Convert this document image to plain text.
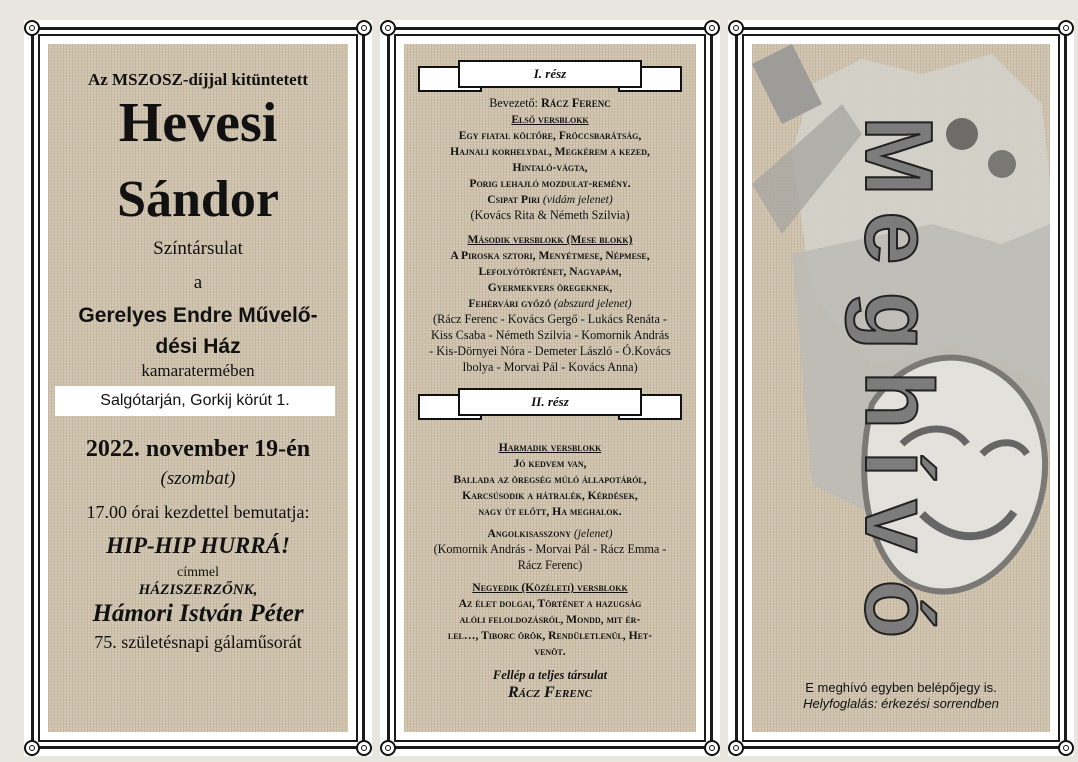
Az MSZOSZ-díjjal kitüntetett
Hevesi
Sándor
Színtársulat
a
Gerelyes Endre Művelő-
dési Ház
kamaratermében
Salgótarján, Gorkij körút 1.
2022. november 19-én
(szombat)
17.00 órai kezdettel bemutatja:
HIP-HIP HURRÁ!
címmel
HÁZISZERZŐNK,
Hámori István Péter
75. születésnapi gálaműsorát
I. rész
Bevezető: Rácz Ferenc
Első versblokk
Egy fiatal költőre, Fröccsbarátság,
Hajnali korhelydal, Megkérem a kezed,
Hintaló-vágta,
Porig lehajló mozdulat-remény.
Csipat Piri (vidám jelenet)
(Kovács Rita & Németh Szilvia)
Második versblokk (Mese blokk)
A Piroska sztori, Menyétmese, Népmese,
Lefolyótörténet, Nagyapám,
Gyermekvers öregeknek,
Fehérvári győző (abszurd jelenet)
(Rácz Ferenc - Kovács Gergő - Lukács Renáta -
Kiss Csaba - Németh Szilvia - Komornik András
- Kis-Dörnyei Nóra - Demeter László - Ó.Kovács
Ibolya - Morvai Pál - Kovács Anna)
II. rész
Harmadik versblokk
Jó kedvem van,
Ballada az öregség múló állapotáról,
Karcsúsodik a hátralék, Kérdések,
nagy út előtt, Ha meghalok.
Angolkisasszony (jelenet)
(Komornik András - Morvai Pál - Rácz Emma -
Rácz Ferenc)
Negyedik (Közéleti) versblokk
Az élet dolgai, Történet a hazugság
alóli feloldozásról, Mondd, mit ér-
lel…, Tiborc örök, Rendületlenül, Het-
venöt.
Fellép a teljes társulat
Rácz Ferenc
M
e
g
h
í
v
ó
E meghívó egyben belépőjegy is.
Helyfoglalás: érkezési sorrendben
